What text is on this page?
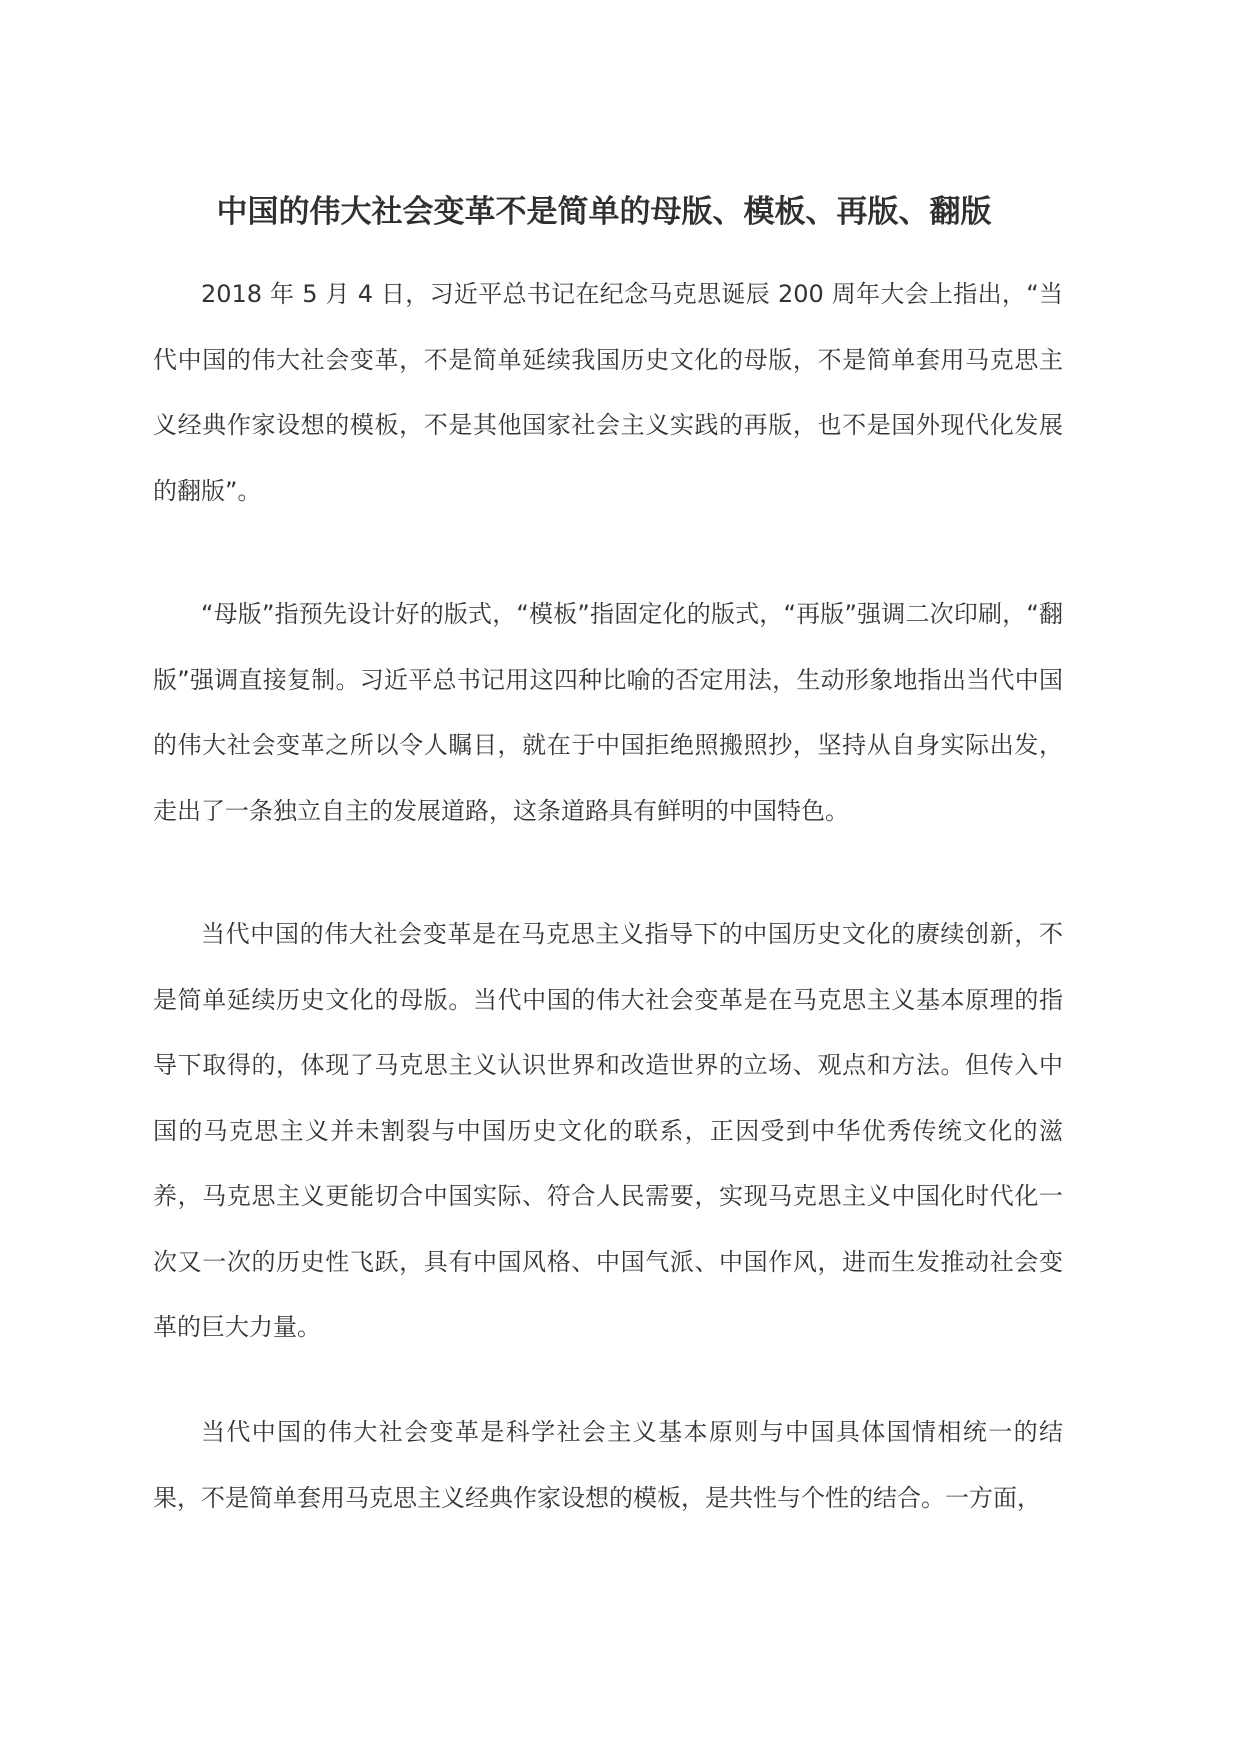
中国的伟大社会变革不是简单的母版、模板、再版、翻版

2018 年 5 月 4 日，习近平总书记在纪念马克思诞辰 200 周年大会上指出，“当代中国的伟大社会变革，不是简单延续我国历史文化的母版，不是简单套用马克思主义经典作家设想的模板，不是其他国家社会主义实践的再版，也不是国外现代化发展的翻版”。

“母版”指预先设计好的版式，“模板”指固定化的版式，“再版”强调二次印刷，“翻版”强调直接复制。习近平总书记用这四种比喻的否定用法，生动形象地指出当代中国的伟大社会变革之所以令人瞩目，就在于中国拒绝照搬照抄，坚持从自身实际出发，走出了一条独立自主的发展道路，这条道路具有鲜明的中国特色。

当代中国的伟大社会变革是在马克思主义指导下的中国历史文化的赓续创新，不是简单延续历史文化的母版。当代中国的伟大社会变革是在马克思主义基本原理的指导下取得的，体现了马克思主义认识世界和改造世界的立场、观点和方法。但传入中国的马克思主义并未割裂与中国历史文化的联系，正因受到中华优秀传统文化的滋养，马克思主义更能切合中国实际、符合人民需要，实现马克思主义中国化时代化一次又一次的历史性飞跃，具有中国风格、中国气派、中国作风，进而生发推动社会变革的巨大力量。

当代中国的伟大社会变革是科学社会主义基本原则与中国具体国情相统一的结果，不是简单套用马克思主义经典作家设想的模板，是共性与个性的结合。一方面，
